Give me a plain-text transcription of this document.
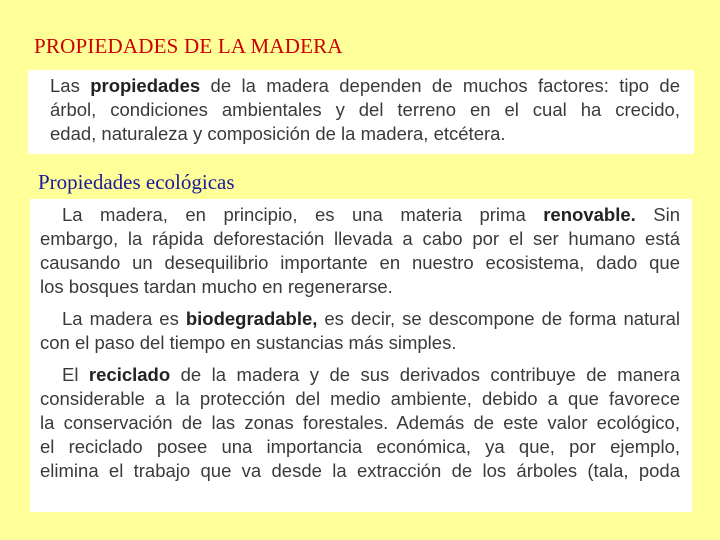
PROPIEDADES DE LA MADERA

Las propiedades de la madera dependen de muchos factores: tipo de
árbol, condiciones ambientales y del terreno en el cual ha crecido,
edad, naturaleza y composición de la madera, etcétera.

Propiedades ecológicas

La madera, en principio, es una materia prima renovable. Sin
embargo, la rápida deforestación llevada a cabo por el ser humano está
causando un desequilibrio importante en nuestro ecosistema, dado que
los bosques tardan mucho en regenerarse.

La madera es biodegradable, es decir, se descompone de forma natural
con el paso del tiempo en sustancias más simples.

El reciclado de la madera y de sus derivados contribuye de manera
considerable a la protección del medio ambiente, debido a que favorece
la conservación de las zonas forestales. Además de este valor ecológico,
el reciclado posee una importancia económica, ya que, por ejemplo,
elimina el trabajo que va desde la extracción de los árboles (tala, poda
